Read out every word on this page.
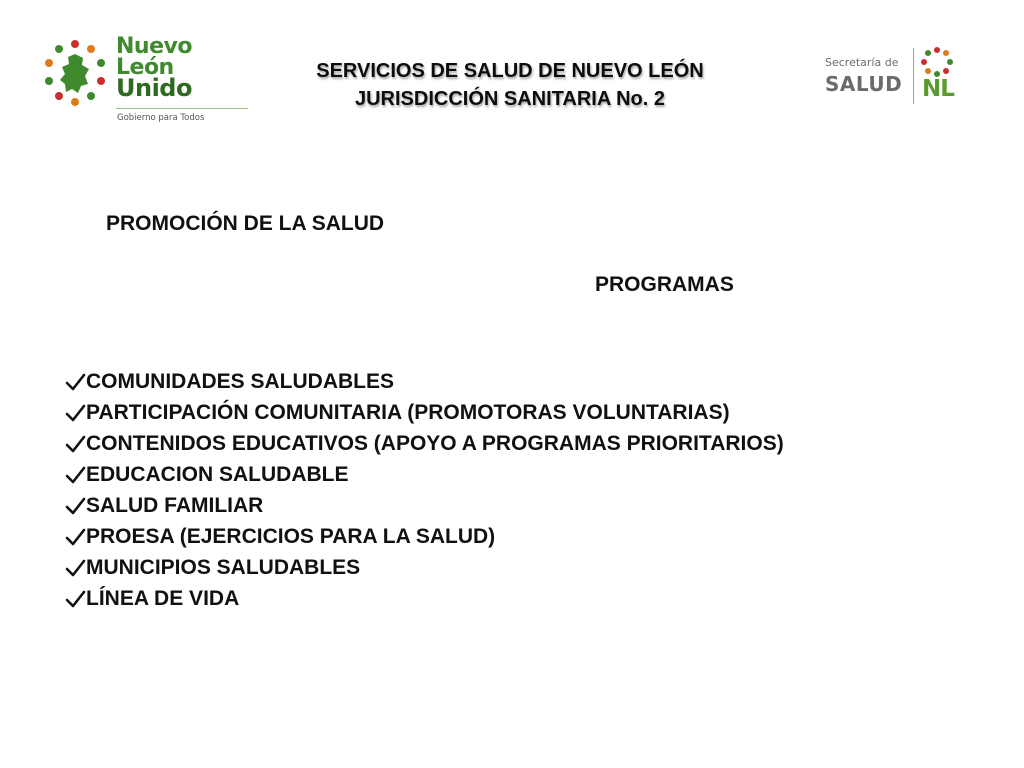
Nuevo
León
Unido
Gobierno para Todos
SERVICIOS DE SALUD DE NUEVO LEÓN
JURISDICCIÓN SANITARIA No. 2
Secretaría de
SALUD NL
PROMOCIÓN DE LA SALUD
PROGRAMAS
COMUNIDADES SALUDABLES
PARTICIPACIÓN COMUNITARIA (PROMOTORAS VOLUNTARIAS)
CONTENIDOS EDUCATIVOS (APOYO A PROGRAMAS PRIORITARIOS)
EDUCACION SALUDABLE
SALUD FAMILIAR
PROESA (EJERCICIOS PARA LA SALUD)
MUNICIPIOS SALUDABLES
LÍNEA DE VIDA
